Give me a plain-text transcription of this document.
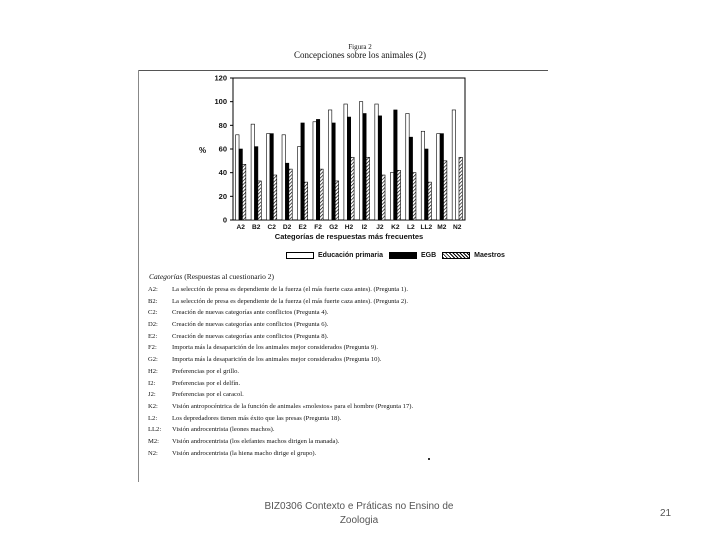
Figura 2
Concepciones sobre los animales (2)
0
20
40
60
80
100
120
A2 B2 C2 D2 E2 F2 G2 H2 I2 J2 K2 L2 LL2 M2 N2
%
Categorías de respuestas más frecuentes
Educación primaria	EGB	Maestros
Categorías (Respuestas al cuestionario 2)
A2:	La selección de presa es dependiente de la fuerza (el más fuerte caza antes). (Pregunta 1).
B2:	La selección de presa es dependiente de la fuerza (el más fuerte caza antes). (Pregunta 2).
C2:	Creación de nuevas categorías ante conflictos (Pregunta 4).
D2:	Creación de nuevas categorías ante conflictos (Pregunta 6).
E2:	Creación de nuevas categorías ante conflictos (Pregunta 8).
F2:	Importa más la desaparición de los animales mejor considerados (Pregunta 9).
G2:	Importa más la desaparición de los animales mejor considerados (Pregunta 10).
H2:	Preferencias por el grillo.
I2:	Preferencias por el delfín.
J2:	Preferencias por el caracol.
K2:	Visión antropocéntrica de la función de animales «molestos» para el hombre (Pregunta 17).
L2:	Los depredadores tienen más éxito que las presas (Pregunta 18).
LL2:	Visión androcentrista (leones machos).
M2:	Visión androcentrista (los elefantes machos dirigen la manada).
N2:	Visión androcentrista (la hiena macho dirige el grupo).
BIZ0306 Contexto e Práticas no Ensino de Zoologia
21
